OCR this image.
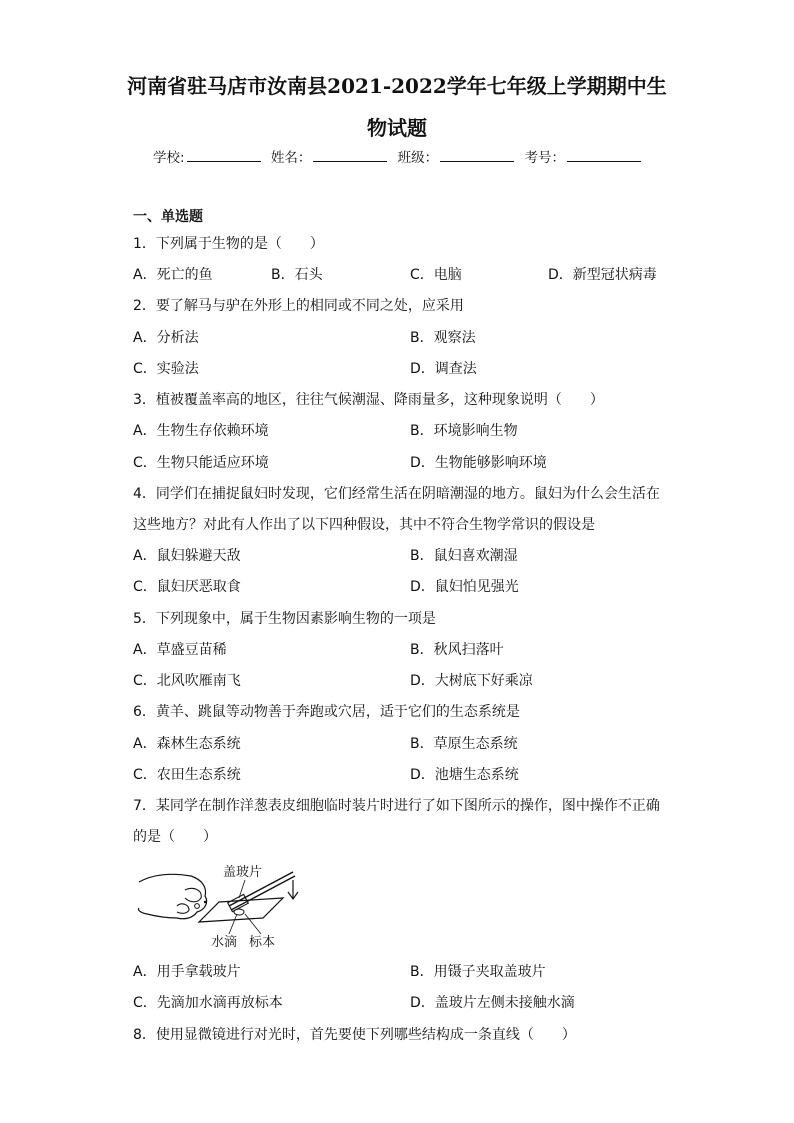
河南省驻马店市汝南县2021-2022学年七年级上学期期中生
物试题
学校:	姓名：	班级：	考号：
一、单选题
1．下列属于生物的是（　　）
A．死亡的鱼	B．石头	C．电脑	D．新型冠状病毒
2．要了解马与驴在外形上的相同或不同之处，应采用
A．分析法	B．观察法
C．实验法	D．调查法
3．植被覆盖率高的地区，往往气候潮湿、降雨量多，这种现象说明（　　）
A．生物生存依赖环境	B．环境影响生物
C．生物只能适应环境	D．生物能够影响环境
4．同学们在捕捉鼠妇时发现，它们经常生活在阴暗潮湿的地方。鼠妇为什么会生活在
这些地方？对此有人作出了以下四种假设，其中不符合生物学常识的假设是
A．鼠妇躲避天敌	B．鼠妇喜欢潮湿
C．鼠妇厌恶取食	D．鼠妇怕见强光
5．下列现象中，属于生物因素影响生物的一项是
A．草盛豆苗稀	B．秋风扫落叶
C．北风吹雁南飞	D．大树底下好乘凉
6．黄羊、跳鼠等动物善于奔跑或穴居，适于它们的生态系统是
A．森林生态系统	B．草原生态系统
C．农田生态系统	D．池塘生态系统
7．某同学在制作洋葱表皮细胞临时装片时进行了如下图所示的操作，图中操作不正确
的是（　　）
盖玻片
水滴 标本
A．用手拿载玻片	B．用镊子夹取盖玻片
C．先滴加水滴再放标本	D．盖玻片左侧未接触水滴
8．使用显微镜进行对光时，首先要使下列哪些结构成一条直线（　　）
